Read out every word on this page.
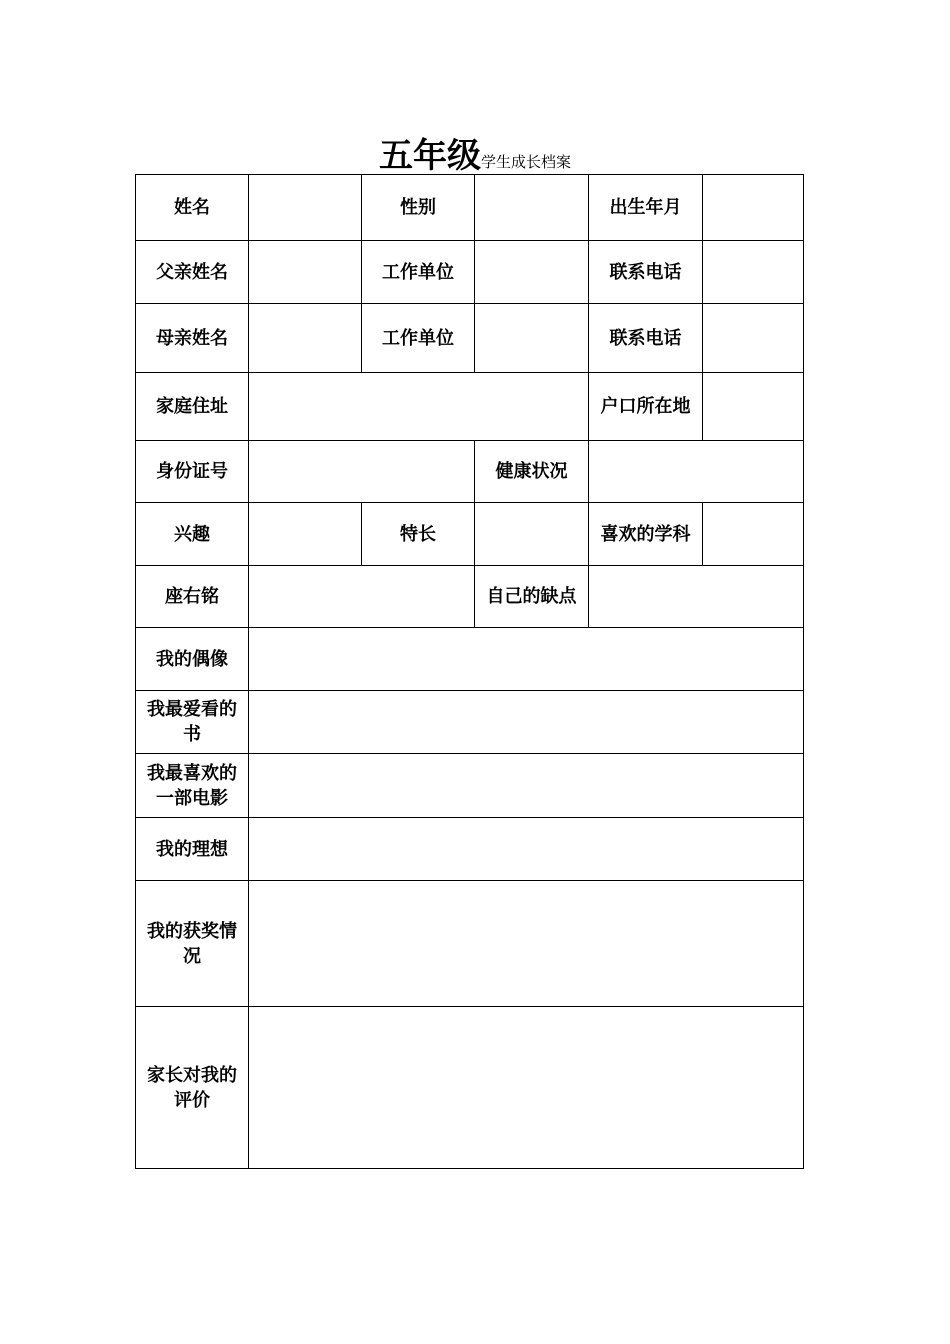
五年级学生成长档案
姓名		性别		出生年月	
父亲姓名		工作单位		联系电话	
母亲姓名		工作单位		联系电话	
家庭住址				户口所在地	
身份证号			健康状况		
兴趣		特长		喜欢的学科	
座右铭			自己的缺点		
我的偶像					
我最爱看的书					
我最喜欢的一部电影					
我的理想					
我的获奖情况					
家长对我的评价					
